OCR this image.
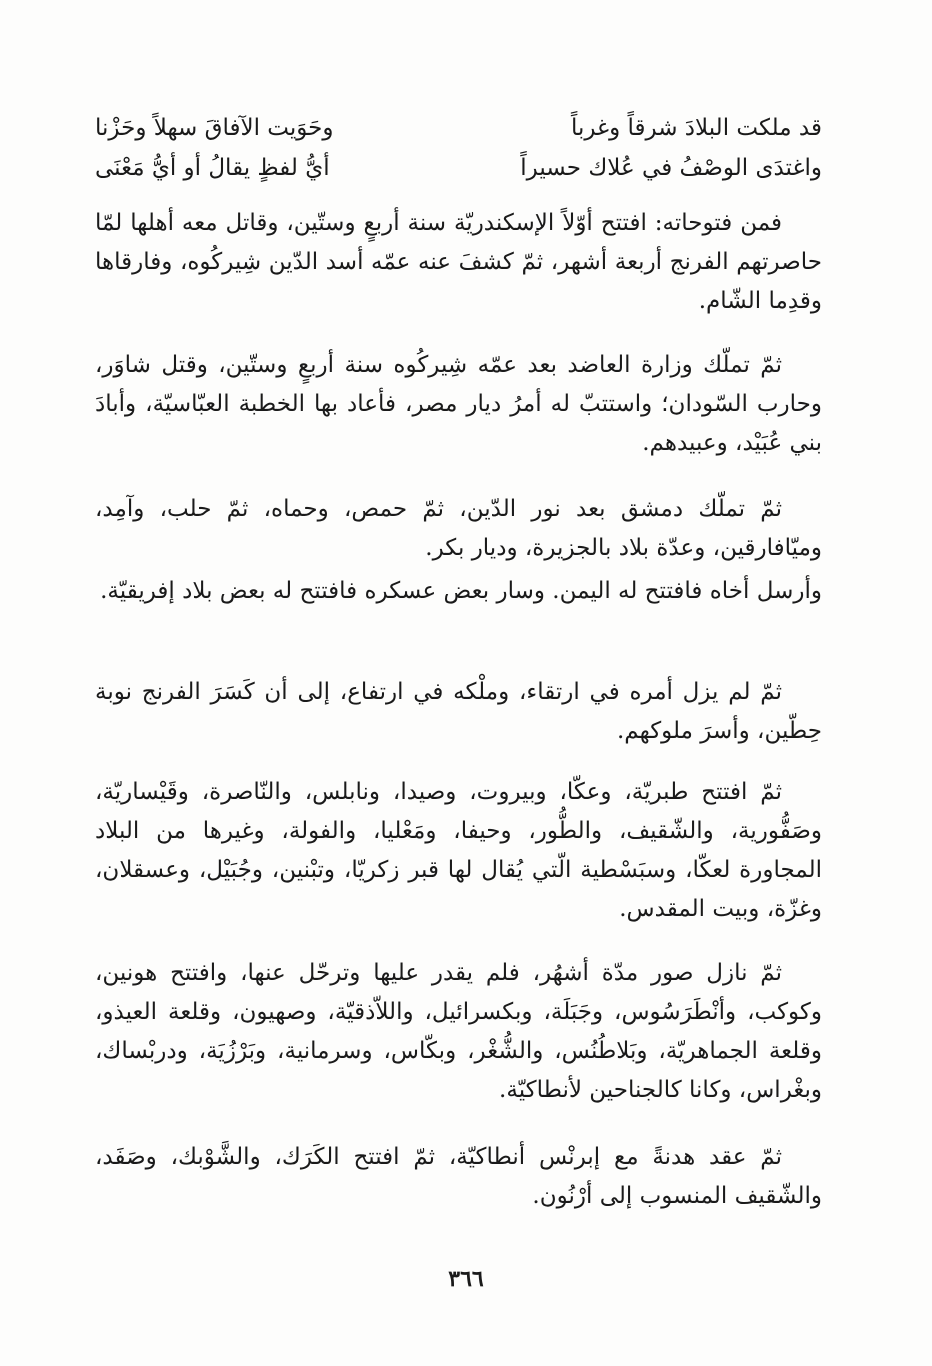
قد ملكت البلادَ شرقاً وغرباً
وحَوَيت الآفاقَ سهلاً وحَزْنا
واغتدَى الوصْفُ في عُلاك حسيراً
أيُّ لفظٍ يقالُ أو أيُّ مَعْنَى

فمن فتوحاته: افتتح أوّلاً الإسكندريّة سنة أربعٍ وستّين، وقاتل معه أهلها لمّا حاصرتهم الفرنج أربعة أشهر، ثمّ كشفَ عنه عمّه أسد الدّين شِيركُوه، وفارقاها وقدِما الشّام.

ثمّ تملّك وزارة العاضد بعد عمّه شِيركُوه سنة أربعٍ وستّين، وقتل شاوَر، وحارب السّودان؛ واستتبّ له أمرُ ديار مصر، فأعاد بها الخطبة العبّاسيّة، وأبادَ بني عُبَيْد، وعبيدهم.

ثمّ تملّك دمشق بعد نور الدّين، ثمّ حمص، وحماه، ثمّ حلب، وآمِد، وميّافارقين، وعدّة بلاد بالجزيرة، وديار بكر.

وأرسل أخاه فافتتح له اليمن. وسار بعض عسكره فافتتح له بعض بلاد إفريقيّة.

ثمّ لم يزل أمره في ارتقاء، وملْكه في ارتفاع، إلى أن كَسَرَ الفرنج نوبة حِطّين، وأسرَ ملوكهم.

ثمّ افتتح طبريّة، وعكّا، وبيروت، وصيدا، ونابلس، والنّاصرة، وقَيْساريّة، وصَفُّورية، والشّقيف، والطُّور، وحيفا، ومَعْليا، والفولة، وغيرها من البلاد المجاورة لعكّا، وسبَسْطية الّتي يُقال لها قبر زكريّا، وتبْنين، وجُبَيْل، وعسقلان، وغزّة، وبيت المقدس.

ثمّ نازل صور مدّة أشهُر، فلم يقدر عليها وترحّل عنها، وافتتح هونين، وكوكب، وأنْطَرَسُوس، وجَبَلَة، وبكسرائيل، واللاّذقيّة، وصهيون، وقلعة العيذو، وقلعة الجماهريّة، وبَلاطُنُس، والشُّغْر، وبكّاس، وسرمانية، وبَرْزُيَة، ودربْساك، وبغْراس، وكانا كالجناحين لأنطاكيّة.

ثمّ عقد هدنةً مع إبرنْس أنطاكيّة، ثمّ افتتح الكَرَك، والشَّوْبك، وصَفَد، والشّقيف المنسوب إلى أرْنُون.

٣٦٦
